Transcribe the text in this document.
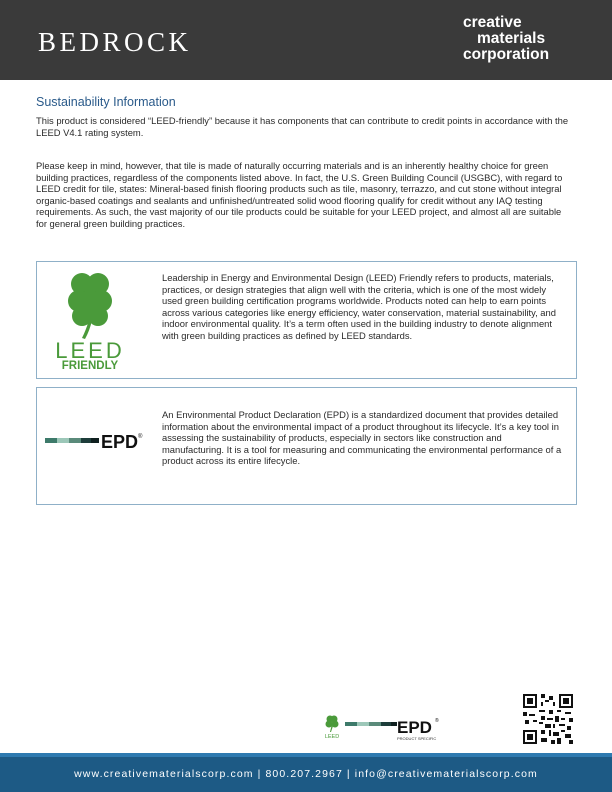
BEDROCK
creative
materials
corporation
Sustainability Information
This product is considered “LEED-friendly” because it has components that can contribute to credit points in accordance with the LEED V4.1 rating system.
Please keep in mind, however, that tile is made of naturally occurring materials and is an inherently healthy choice for green building practices, regardless of the components listed above. In fact, the U.S. Green Building Council (USGBC), with regard to LEED credit for tile, states: Mineral-based finish flooring products such as tile, masonry, terrazzo, and cut stone without integral organic-based coatings and sealants and unfinished/untreated solid wood flooring qualify for credit without any IAQ testing requirements. As such, the vast majority of our tile products could be suitable for your LEED project, and almost all are suitable for general green building practices.
LEED
FRIENDLY
Leadership in Energy and Environmental Design (LEED) Friendly refers to products, materials, practices, or design strategies that align well with the criteria, which is one of the most widely used green building certification programs worldwide. Products noted can help to earn points across various categories like energy efficiency, water conservation, material sustainability, and indoor environmental quality. It’s a term often used in the building industry to denote alignment with green building practices as defined by LEED standards.
EPD ®
An Environmental Product Declaration (EPD) is a standardized document that provides detailed information about the environmental impact of a product throughout its lifecycle. It’s a key tool in assessing the sustainability of products, especially in sectors like construction and manufacturing. It is a tool for measuring and communicating the environmental performance of a product across its entire lifecycle.
LEED	EPD ®
PRODUCT SPECIFIC
www.creativematerialscorp.com | 800.207.2967 | info@creativematerialscorp.com
